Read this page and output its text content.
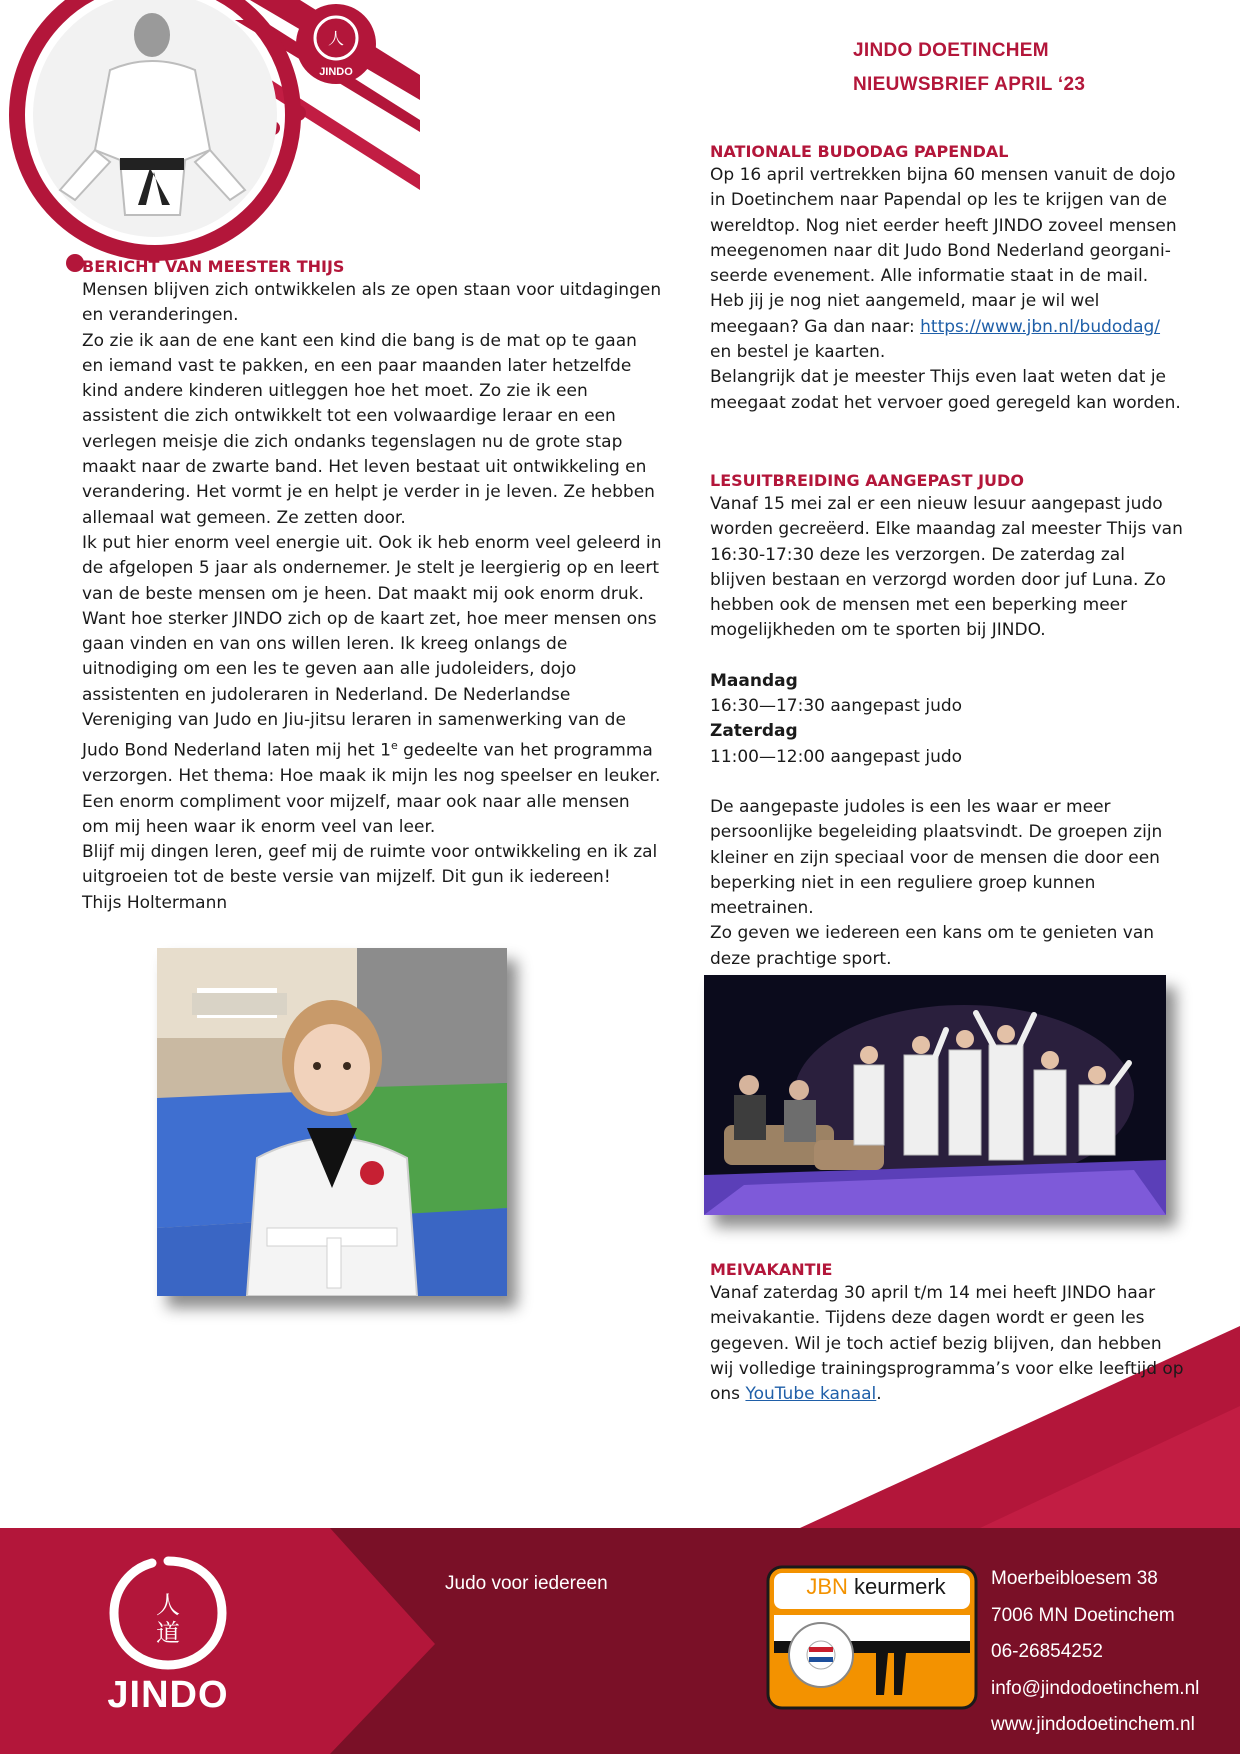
人
JINDO
JINDO DOETINCHEM
NIEUWSBRIEF APRIL ‘23
BERICHT VAN MEESTER THIJS

Mensen blijven zich ontwikkelen als ze open staan voor uitdagingen en veranderingen.

Zo zie ik aan de ene kant een kind die bang is de mat op te gaan en iemand vast te pakken, en een paar maanden later hetzelfde kind andere kinderen uitleggen hoe het moet. Zo zie ik een assistent die zich ontwikkelt tot een volwaardige leraar en een verlegen meisje die zich ondanks tegenslagen nu de grote stap maakt naar de zwarte band. Het leven bestaat uit ontwikkeling en verandering. Het vormt je en helpt je verder in je leven. Ze hebben allemaal wat gemeen. Ze zetten door.

Ik put hier enorm veel energie uit. Ook ik heb enorm veel geleerd in de afgelopen 5 jaar als ondernemer. Je stelt je leergierig op en leert van de beste mensen om je heen. Dat maakt mij ook enorm druk. Want hoe sterker JINDO zich op de kaart zet, hoe meer mensen ons gaan vinden en van ons willen leren. Ik kreeg onlangs de uitnodiging om een les te geven aan alle judoleiders, dojo assistenten en judoleraren in Nederland. De Nederlandse Vereniging van Judo en Jiu-jitsu leraren in samenwerking van de Judo Bond Nederland laten mij het 1e gedeelte van het programma verzorgen. Het thema: Hoe maak ik mijn les nog speelser en leuker. Een enorm compliment voor mijzelf, maar ook naar alle mensen om mij heen waar ik enorm veel van leer.

Blijf mij dingen leren, geef mij de ruimte voor ontwikkeling en ik zal uitgroeien tot de beste versie van mijzelf. Dit gun ik iedereen!

Thijs Holtermann

NATIONALE BUDODAG PAPENDAL

Op 16 april vertrekken bijna 60 mensen vanuit de dojo in Doetinchem naar Papendal op les te krijgen van de wereldtop. Nog niet eerder heeft JINDO zoveel mensen meegenomen naar dit Judo Bond Nederland georganiseerde evenement. Alle informatie staat in de mail. Heb jij je nog niet aangemeld, maar je wil wel meegaan? Ga dan naar: https://www.jbn.nl/budodag/ en bestel je kaarten.

Belangrijk dat je meester Thijs even laat weten dat je meegaat zodat het vervoer goed geregeld kan worden.

LESUITBREIDING AANGEPAST JUDO

Vanaf 15 mei zal er een nieuw lesuur aangepast judo worden gecreëerd. Elke maandag zal meester Thijs van 16:30-17:30 deze les verzorgen. De zaterdag zal blijven bestaan en verzorgd worden door juf Luna. Zo hebben ook de mensen met een beperking meer mogelijkheden om te sporten bij JINDO.

Maandag

16:30—17:30 aangepast judo

Zaterdag

11:00—12:00 aangepast judo

De aangepaste judoles is een les waar er meer persoonlijke begeleiding plaatsvindt. De groepen zijn kleiner en zijn speciaal voor de mensen die door een beperking niet in een reguliere groep kunnen meetrainen.

Zo geven we iedereen een kans om te genieten van deze prachtige sport.

人
道
JINDO
Judo voor iedereen	JBN keurmerk	Moerbeibloesem 38
7006 MN Doetinchem
06-26854252
info@jindodoetinchem.nl
www.jindodoetinchem.nl
MEIVAKANTIE

Vanaf zaterdag 30 april t/m 14 mei heeft JINDO haar meivakantie. Tijdens deze dagen wordt er geen les gegeven. Wil je toch actief bezig blijven, dan hebben wij volledige trainingsprogramma’s voor elke leeftijd op ons YouTube kanaal.
